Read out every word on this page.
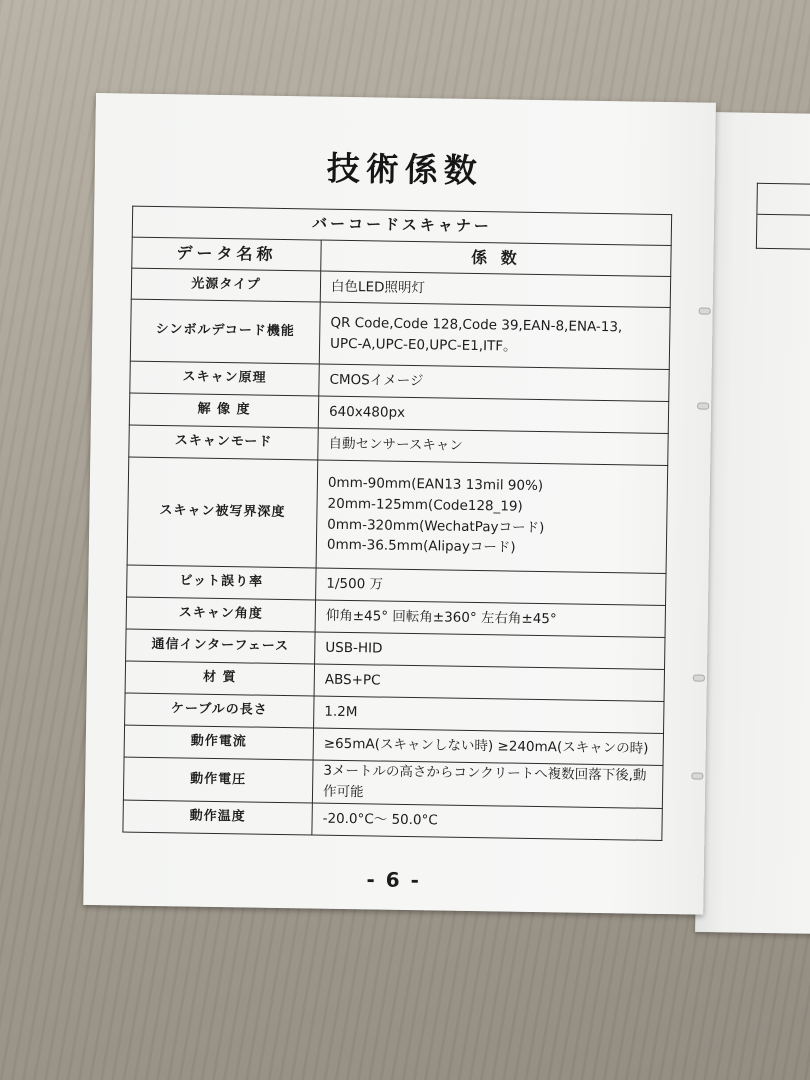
技術係数
バーコードスキャナー	
データ名称	係 数
光源タイプ	白色LED照明灯

シンボルデコード機能	QR Code,Code 128,Code 39,EAN-8,ENA-13,
UPC-A,UPC-E0,UPC-E1,ITF。

スキャン原理	CMOSイメージ

解 像 度	640x480px

スキャンモード	自動センサースキャン

スキャン被写界深度	0mm-90mm(EAN13 13mil 90%)
20mm-125mm(Code128_19)
0mm-320mm(WechatPayコード)
0mm-36.5mm(Alipayコード)

ビット誤り率	1/500 万

スキャン角度	仰角±45° 回転角±360° 左右角±45°

通信インターフェース	USB-HID

材 質	ABS+PC

ケーブルの長さ	1.2M

動作電流	≥65mA(スキャンしない時) ≥240mA(スキャンの時)

動作電圧	3メートルの高さからコンクリートへ複数回落下後,動作可能

動作温度	-20.0°C～ 50.0°C
- 6 -
